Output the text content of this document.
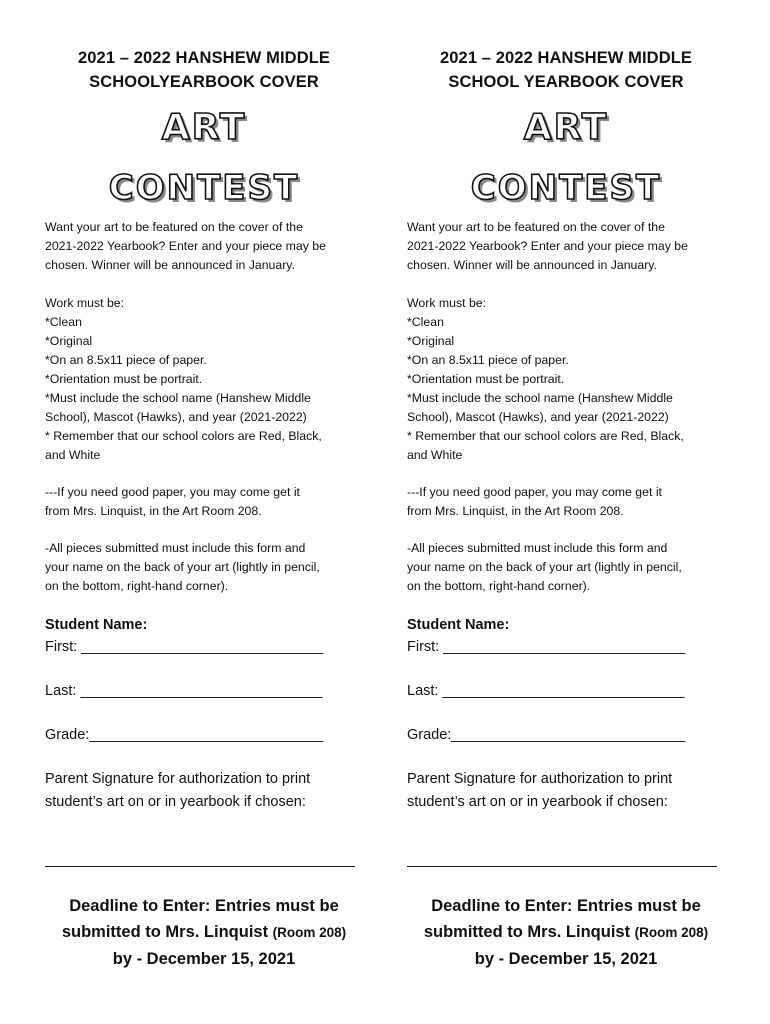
2021 – 2022 HANSHEW MIDDLE
SCHOOLYEARBOOK COVER

ART

CONTEST

Want your art to be featured on the cover of the
2021-2022 Yearbook? Enter and your piece may be
chosen. Winner will be announced in January.

Work must be:
*Clean
*Original
*On an 8.5x11 piece of paper.
*Orientation must be portrait.
*Must include the school name (Hanshew Middle
School), Mascot (Hawks), and year (2021-2022)
* Remember that our school colors are Red, Black,
and White

---If you need good paper, you may come get it
from Mrs. Linquist, in the Art Room 208.

-All pieces submitted must include this form and
your name on the back of your art (lightly in pencil,
on the bottom, right-hand corner).

Student Name:
First: ______________________________
Last: ______________________________
Grade:_____________________________
Parent Signature for authorization to print
student’s art on or in yearbook if chosen:
Deadline to Enter: Entries must be
submitted to Mrs. Linquist (Room 208)
by - December 15, 2021

2021 – 2022 HANSHEW MIDDLE
SCHOOL YEARBOOK COVER

ART

CONTEST

Want your art to be featured on the cover of the
2021-2022 Yearbook? Enter and your piece may be
chosen. Winner will be announced in January.

Work must be:
*Clean
*Original
*On an 8.5x11 piece of paper.
*Orientation must be portrait.
*Must include the school name (Hanshew Middle
School), Mascot (Hawks), and year (2021-2022)
* Remember that our school colors are Red, Black,
and White

---If you need good paper, you may come get it
from Mrs. Linquist, in the Art Room 208.

-All pieces submitted must include this form and
your name on the back of your art (lightly in pencil,
on the bottom, right-hand corner).

Student Name:
First: ______________________________
Last: ______________________________
Grade:_____________________________
Parent Signature for authorization to print
student’s art on or in yearbook if chosen:
Deadline to Enter: Entries must be
submitted to Mrs. Linquist (Room 208)
by - December 15, 2021
